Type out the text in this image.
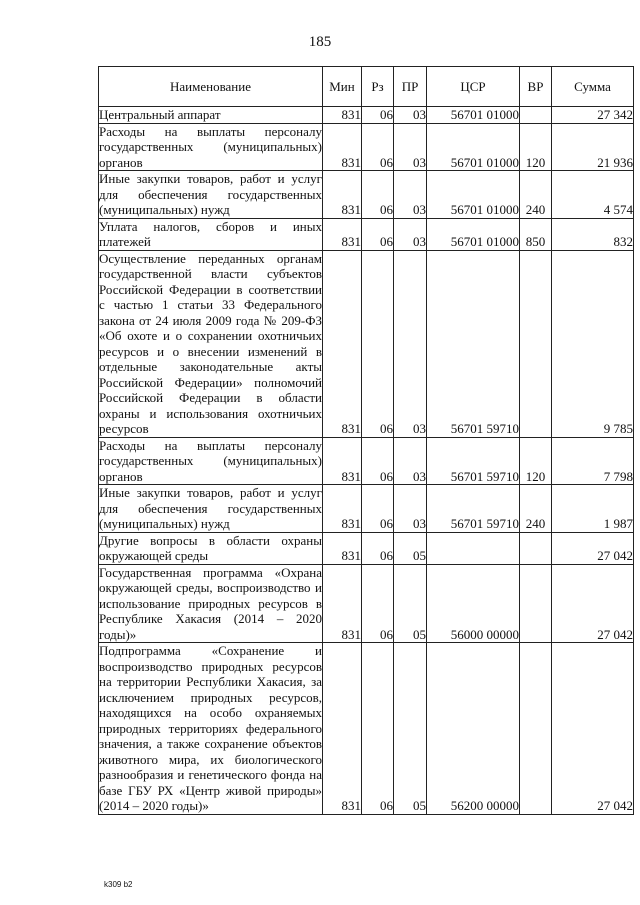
185
Наименование	Мин	Рз	ПР	ЦСР	ВР	Сумма
Центральный аппарат	831	06	03	56701 01000		27 342
Расходы на выплаты персоналу государственных (муниципальных) органов	831	06	03	56701 01000	120	21 936
Иные закупки товаров, работ и услуг для обеспечения государственных (муниципальных) нужд	831	06	03	56701 01000	240	4 574
Уплата налогов, сборов и иных платежей	831	06	03	56701 01000	850	832
Осуществление переданных органам государственной власти субъектов Российской Федерации в соответствии с частью 1 статьи 33 Федерального закона от 24 июля 2009 года № 209-ФЗ «Об охоте и о сохранении охотничьих ресурсов и о внесении изменений в отдельные законодательные акты Российской Федерации» полномочий Российской Федерации в области охраны и использования охотничьих ресурсов	831	06	03	56701 59710		9 785
Расходы на выплаты персоналу государственных (муниципальных) органов	831	06	03	56701 59710	120	7 798
Иные закупки товаров, работ и услуг для обеспечения государственных (муниципальных) нужд	831	06	03	56701 59710	240	1 987
Другие вопросы в области охраны окружающей среды	831	06	05			27 042
Государственная программа «Охрана окружающей среды, воспроизводство и использование природных ресурсов в Республике Хакасия (2014 – 2020 годы)»	831	06	05	56000 00000		27 042
Подпрограмма «Сохранение и воспроизводство природных ресурсов на территории Республики Хакасия, за исключением природных ресурсов, находящихся на особо охраняемых природных территориях федерального значения, а также сохранение объектов животного мира, их биологического разнообразия и генетического фонда на базе ГБУ РХ «Центр живой природы» (2014 – 2020 годы)»	831	06	05	56200 00000		27 042
k309 b2
